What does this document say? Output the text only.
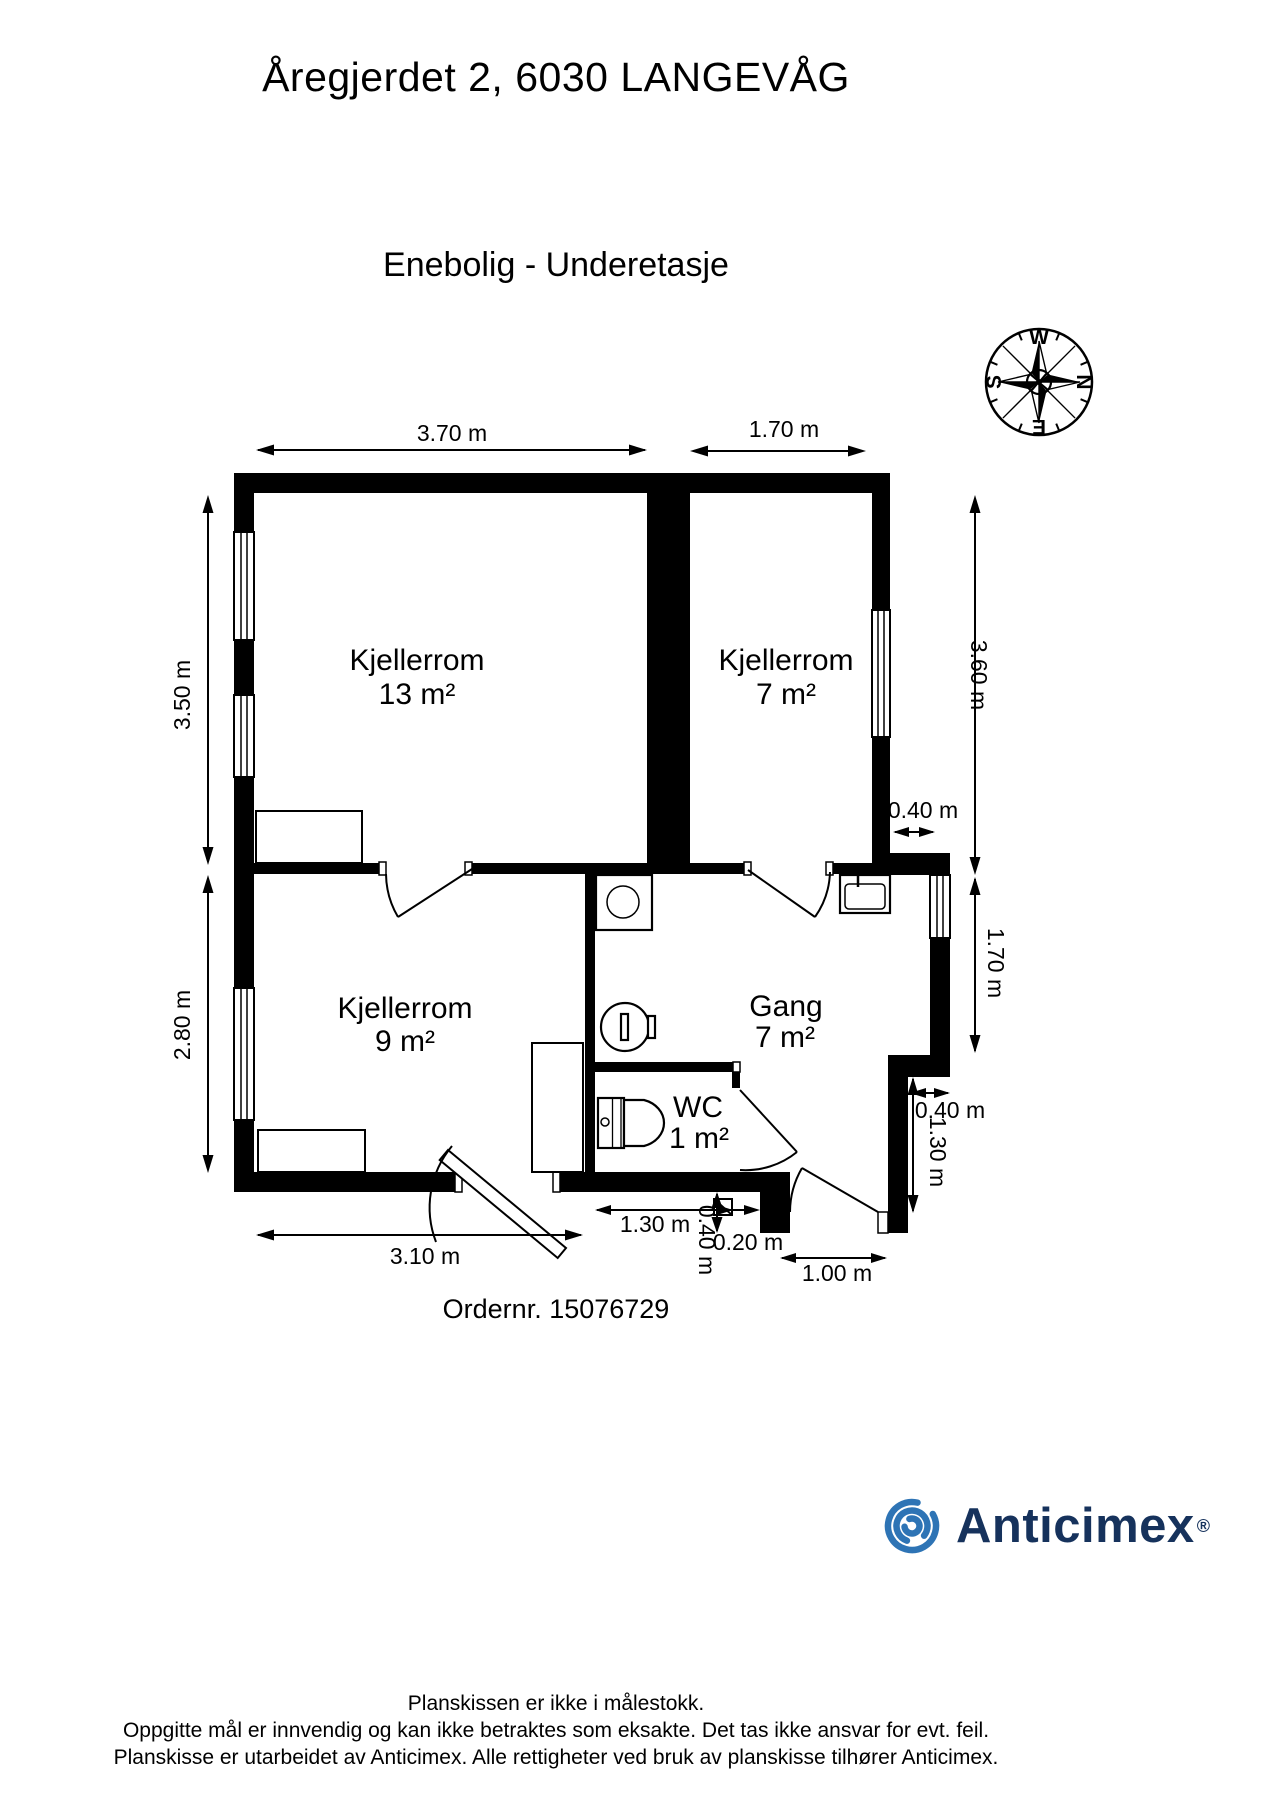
Åregjerdet 2, 6030 LANGEVÅG
Enebolig - Underetasje
W
N
E
S
3.70 m	1.70 m
3.50 m
2.80 m
3.60 m
0.40 m
1.70 m
0.40 m
1.30 m
3.10 m
1.30 m 0.40 m
0.20 m
1.00 m
Kjellerrom
13 m²
Kjellerrom
7 m²
Kjellerrom
9 m²
Gang
7 m²
WC
1 m²
Ordernr. 15076729
Anticimex ®
Planskissen er ikke i målestokk.
Oppgitte mål er innvendig og kan ikke betraktes som eksakte. Det tas ikke ansvar for evt. feil.
Planskisse er utarbeidet av Anticimex. Alle rettigheter ved bruk av planskisse tilhører Anticimex.
